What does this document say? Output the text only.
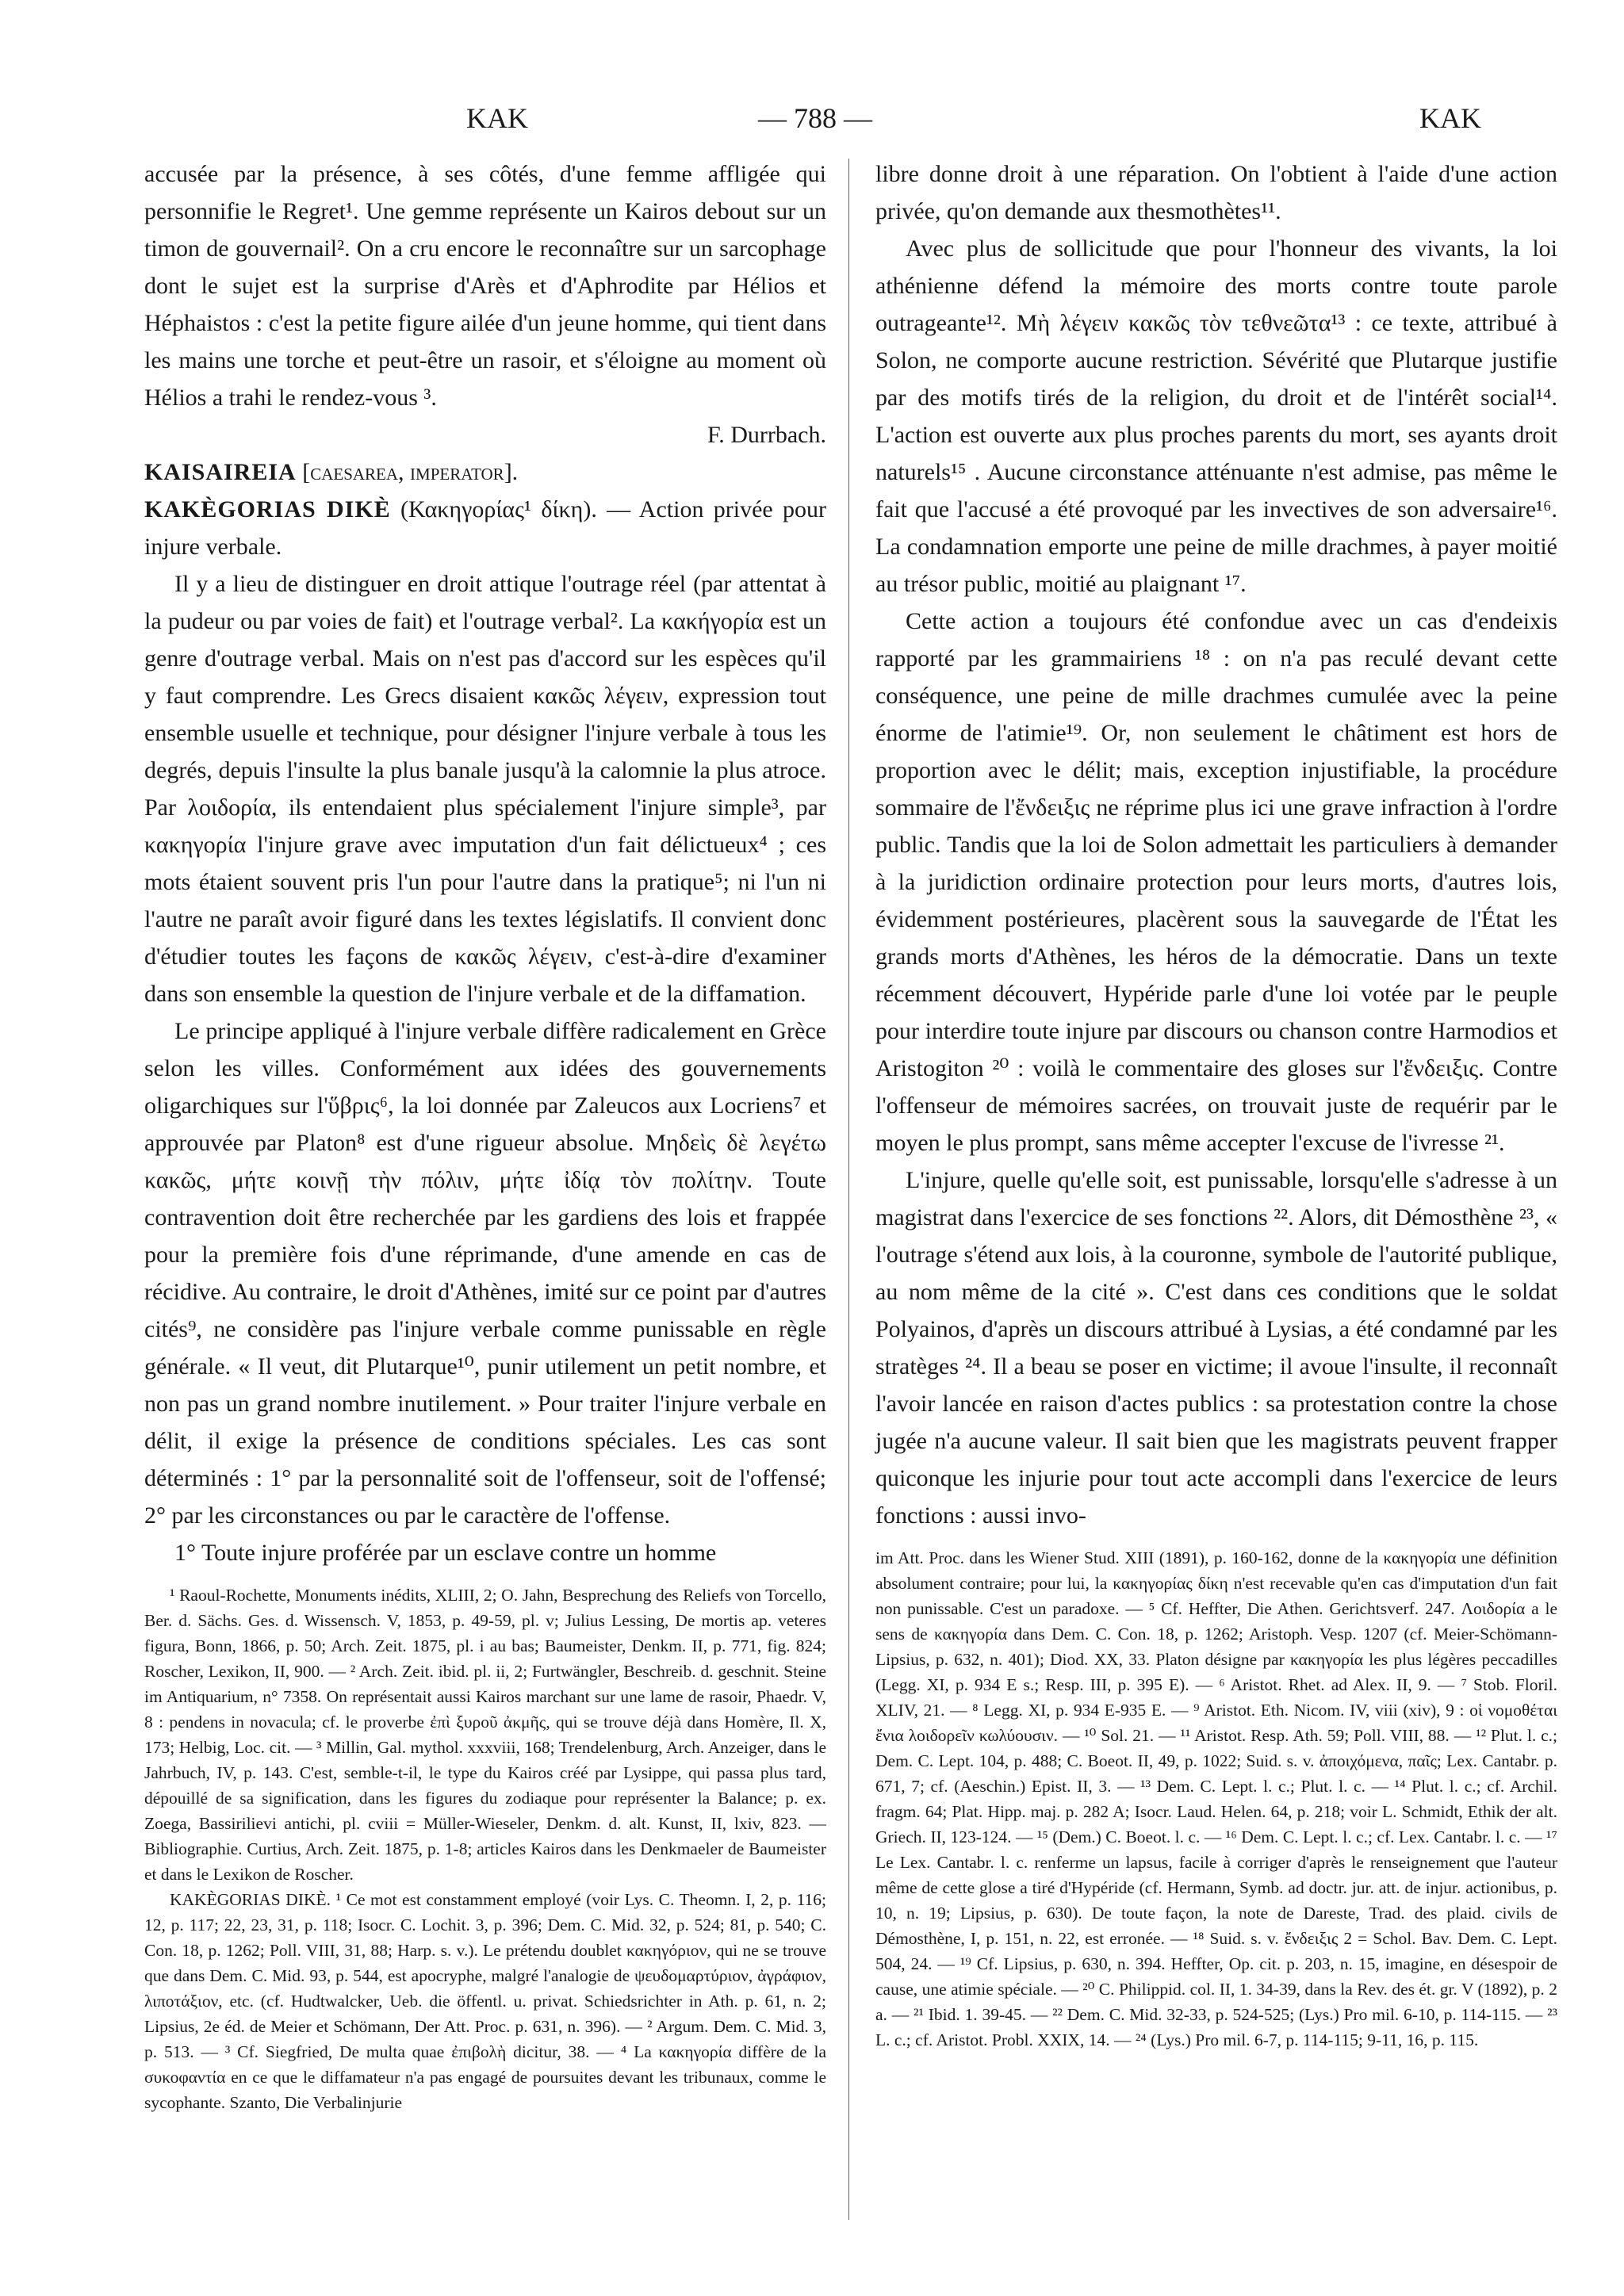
KAK	— 788 —	KAK

accusée par la présence, à ses côtés, d'une femme affligée qui personnifie le Regret¹. Une gemme représente un Kairos debout sur un timon de gouvernail². On a cru encore le reconnaître sur un sarcophage dont le sujet est la surprise d'Arès et d'Aphrodite par Hélios et Héphaistos : c'est la petite figure ailée d'un jeune homme, qui tient dans les mains une torche et peut-être un rasoir, et s'éloigne au moment où Hélios a trahi le rendez-vous ³.

F. Durrbach.

KAISAIREIA [caesarea, imperator].

KAKÈGORIAS DIKÈ (Κακηγορίας¹ δίκη). — Action privée pour injure verbale.

Il y a lieu de distinguer en droit attique l'outrage réel (par attentat à la pudeur ou par voies de fait) et l'outrage verbal². La κακήγορία est un genre d'outrage verbal. Mais on n'est pas d'accord sur les espèces qu'il y faut comprendre. Les Grecs disaient κακῶς λέγειν, expression tout ensemble usuelle et technique, pour désigner l'injure verbale à tous les degrés, depuis l'insulte la plus banale jusqu'à la calomnie la plus atroce. Par λοιδορία, ils entendaient plus spécialement l'injure simple³, par κακηγορία l'injure grave avec imputation d'un fait délictueux⁴ ; ces mots étaient souvent pris l'un pour l'autre dans la pratique⁵; ni l'un ni l'autre ne paraît avoir figuré dans les textes législatifs. Il convient donc d'étudier toutes les façons de κακῶς λέγειν, c'est-à-dire d'examiner dans son ensemble la question de l'injure verbale et de la diffamation.

Le principe appliqué à l'injure verbale diffère radicalement en Grèce selon les villes. Conformément aux idées des gouvernements oligarchiques sur l'ὕβρις⁶, la loi donnée par Zaleucos aux Locriens⁷ et approuvée par Platon⁸ est d'une rigueur absolue. Μηδεὶς δὲ λεγέτω κακῶς, μήτε κοινῇ τὴν πόλιν, μήτε ἰδίᾳ τὸν πολίτην. Toute contravention doit être recherchée par les gardiens des lois et frappée pour la première fois d'une réprimande, d'une amende en cas de récidive. Au contraire, le droit d'Athènes, imité sur ce point par d'autres cités⁹, ne considère pas l'injure verbale comme punissable en règle générale. « Il veut, dit Plutarque¹⁰, punir utilement un petit nombre, et non pas un grand nombre inutilement. » Pour traiter l'injure verbale en délit, il exige la présence de conditions spéciales. Les cas sont déterminés : 1° par la personnalité soit de l'offenseur, soit de l'offensé; 2° par les circonstances ou par le caractère de l'offense.

1° Toute injure proférée par un esclave contre un homme

¹ Raoul-Rochette, Monuments inédits, XLIII, 2; O. Jahn, Besprechung des Reliefs von Torcello, Ber. d. Sächs. Ges. d. Wissensch. V, 1853, p. 49-59, pl. v; Julius Lessing, De mortis ap. veteres figura, Bonn, 1866, p. 50; Arch. Zeit. 1875, pl. i au bas; Baumeister, Denkm. II, p. 771, fig. 824; Roscher, Lexikon, II, 900. — ² Arch. Zeit. ibid. pl. ii, 2; Furtwängler, Beschreib. d. geschnit. Steine im Antiquarium, n° 7358. On représentait aussi Kairos marchant sur une lame de rasoir, Phaedr. V, 8 : pendens in novacula; cf. le proverbe ἐπὶ ξυροῦ ἀκμῆς, qui se trouve déjà dans Homère, Il. X, 173; Helbig, Loc. cit. — ³ Millin, Gal. mythol. xxxviii, 168; Trendelenburg, Arch. Anzeiger, dans le Jahrbuch, IV, p. 143. C'est, semble-t-il, le type du Kairos créé par Lysippe, qui passa plus tard, dépouillé de sa signification, dans les figures du zodiaque pour représenter la Balance; p. ex. Zoega, Bassirilievi antichi, pl. cviii = Müller-Wieseler, Denkm. d. alt. Kunst, II, lxiv, 823. — Bibliographie. Curtius, Arch. Zeit. 1875, p. 1-8; articles Kairos dans les Denkmaeler de Baumeister et dans le Lexikon de Roscher.

KAKÈGORIAS DIKÈ. ¹ Ce mot est constamment employé (voir Lys. C. Theomn. I, 2, p. 116; 12, p. 117; 22, 23, 31, p. 118; Isocr. C. Lochit. 3, p. 396; Dem. C. Mid. 32, p. 524; 81, p. 540; C. Con. 18, p. 1262; Poll. VIII, 31, 88; Harp. s. v.). Le prétendu doublet κακηγόριον, qui ne se trouve que dans Dem. C. Mid. 93, p. 544, est apocryphe, malgré l'analogie de ψευδομαρτύριον, ἀγράφιον, λιποτάξιον, etc. (cf. Hudtwalcker, Ueb. die öffentl. u. privat. Schiedsrichter in Ath. p. 61, n. 2; Lipsius, 2e éd. de Meier et Schömann, Der Att. Proc. p. 631, n. 396). — ² Argum. Dem. C. Mid. 3, p. 513. — ³ Cf. Siegfried, De multa quae ἐπιβολὴ dicitur, 38. — ⁴ La κακηγορία diffère de la συκοφαντία en ce que le diffamateur n'a pas engagé de poursuites devant les tribunaux, comme le sycophante. Szanto, Die Verbalinjurie

libre donne droit à une réparation. On l'obtient à l'aide d'une action privée, qu'on demande aux thesmothètes¹¹.

Avec plus de sollicitude que pour l'honneur des vivants, la loi athénienne défend la mémoire des morts contre toute parole outrageante¹². Μὴ λέγειν κακῶς τὸν τεθνεῶτα¹³ : ce texte, attribué à Solon, ne comporte aucune restriction. Sévérité que Plutarque justifie par des motifs tirés de la religion, du droit et de l'intérêt social¹⁴. L'action est ouverte aux plus proches parents du mort, ses ayants droit naturels¹⁵ . Aucune circonstance atténuante n'est admise, pas même le fait que l'accusé a été provoqué par les invectives de son adversaire¹⁶. La condamnation emporte une peine de mille drachmes, à payer moitié au trésor public, moitié au plaignant ¹⁷.

Cette action a toujours été confondue avec un cas d'endeixis rapporté par les grammairiens ¹⁸ : on n'a pas reculé devant cette conséquence, une peine de mille drachmes cumulée avec la peine énorme de l'atimie¹⁹. Or, non seulement le châtiment est hors de proportion avec le délit; mais, exception injustifiable, la procédure sommaire de l'ἔνδειξις ne réprime plus ici une grave infraction à l'ordre public. Tandis que la loi de Solon admettait les particuliers à demander à la juridiction ordinaire protection pour leurs morts, d'autres lois, évidemment postérieures, placèrent sous la sauvegarde de l'État les grands morts d'Athènes, les héros de la démocratie. Dans un texte récemment découvert, Hypéride parle d'une loi votée par le peuple pour interdire toute injure par discours ou chanson contre Harmodios et Aristogiton ²⁰ : voilà le commentaire des gloses sur l'ἔνδειξις. Contre l'offenseur de mémoires sacrées, on trouvait juste de requérir par le moyen le plus prompt, sans même accepter l'excuse de l'ivresse ²¹.

L'injure, quelle qu'elle soit, est punissable, lorsqu'elle s'adresse à un magistrat dans l'exercice de ses fonctions ²². Alors, dit Démosthène ²³, « l'outrage s'étend aux lois, à la couronne, symbole de l'autorité publique, au nom même de la cité ». C'est dans ces conditions que le soldat Polyainos, d'après un discours attribué à Lysias, a été condamné par les stratèges ²⁴. Il a beau se poser en victime; il avoue l'insulte, il reconnaît l'avoir lancée en raison d'actes publics : sa protestation contre la chose jugée n'a aucune valeur. Il sait bien que les magistrats peuvent frapper quiconque les injurie pour tout acte accompli dans l'exercice de leurs fonctions : aussi invo-

im Att. Proc. dans les Wiener Stud. XIII (1891), p. 160-162, donne de la κακηγορία une définition absolument contraire; pour lui, la κακηγορίας δίκη n'est recevable qu'en cas d'imputation d'un fait non punissable. C'est un paradoxe. — ⁵ Cf. Heffter, Die Athen. Gerichtsverf. 247. Λοιδορία a le sens de κακηγορία dans Dem. C. Con. 18, p. 1262; Aristoph. Vesp. 1207 (cf. Meier-Schömann-Lipsius, p. 632, n. 401); Diod. XX, 33. Platon désigne par κακηγορία les plus légères peccadilles (Legg. XI, p. 934 E s.; Resp. III, p. 395 E). — ⁶ Aristot. Rhet. ad Alex. II, 9. — ⁷ Stob. Floril. XLIV, 21. — ⁸ Legg. XI, p. 934 E-935 E. — ⁹ Aristot. Eth. Nicom. IV, viii (xiv), 9 : οἱ νομοθέται ἔνια λοιδορεῖν κωλύουσιν. — ¹⁰ Sol. 21. — ¹¹ Aristot. Resp. Ath. 59; Poll. VIII, 88. — ¹² Plut. l. c.; Dem. C. Lept. 104, p. 488; C. Boeot. II, 49, p. 1022; Suid. s. v. ἀποιχόμενα, παῖς; Lex. Cantabr. p. 671, 7; cf. (Aeschin.) Epist. II, 3. — ¹³ Dem. C. Lept. l. c.; Plut. l. c. — ¹⁴ Plut. l. c.; cf. Archil. fragm. 64; Plat. Hipp. maj. p. 282 A; Isocr. Laud. Helen. 64, p. 218; voir L. Schmidt, Ethik der alt. Griech. II, 123-124. — ¹⁵ (Dem.) C. Boeot. l. c. — ¹⁶ Dem. C. Lept. l. c.; cf. Lex. Cantabr. l. c. — ¹⁷ Le Lex. Cantabr. l. c. renferme un lapsus, facile à corriger d'après le renseignement que l'auteur même de cette glose a tiré d'Hypéride (cf. Hermann, Symb. ad doctr. jur. att. de injur. actionibus, p. 10, n. 19; Lipsius, p. 630). De toute façon, la note de Dareste, Trad. des plaid. civils de Démosthène, I, p. 151, n. 22, est erronée. — ¹⁸ Suid. s. v. ἔνδειξις 2 = Schol. Bav. Dem. C. Lept. 504, 24. — ¹⁹ Cf. Lipsius, p. 630, n. 394. Heffter, Op. cit. p. 203, n. 15, imagine, en désespoir de cause, une atimie spéciale. — ²⁰ C. Philippid. col. II, 1. 34-39, dans la Rev. des ét. gr. V (1892), p. 2 a. — ²¹ Ibid. 1. 39-45. — ²² Dem. C. Mid. 32-33, p. 524-525; (Lys.) Pro mil. 6-10, p. 114-115. — ²³ L. c.; cf. Aristot. Probl. XXIX, 14. — ²⁴ (Lys.) Pro mil. 6-7, p. 114-115; 9-11, 16, p. 115.
